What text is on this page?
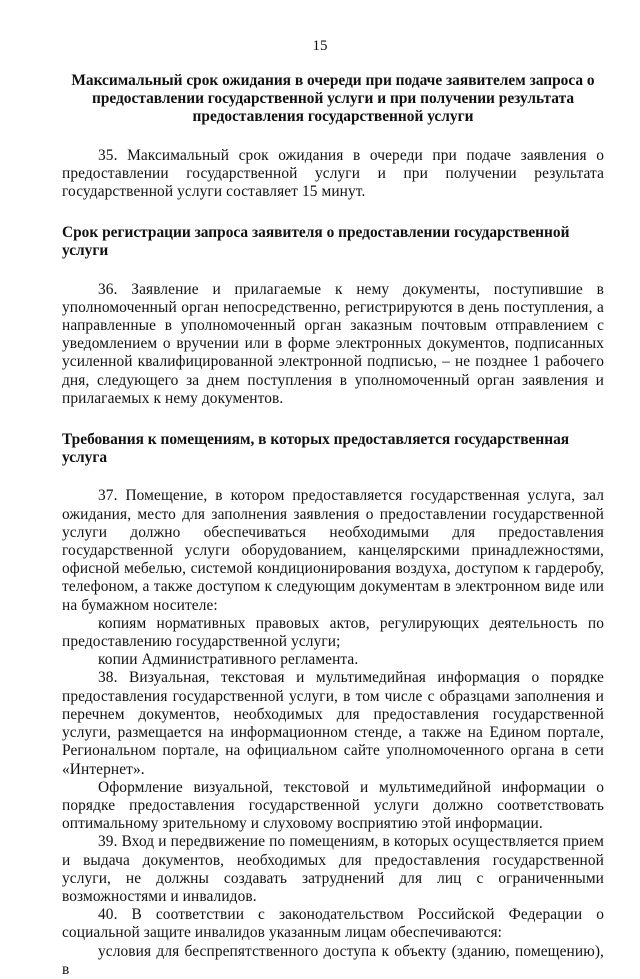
15
Максимальный срок ожидания в очереди при подаче заявителем запроса о предоставлении государственной услуги и при получении результата предоставления государственной услуги

35. Максимальный срок ожидания в очереди при подаче заявления о предоставлении государственной услуги и при получении результата государственной услуги составляет 15 минут.

Срок регистрации запроса заявителя о предоставлении государственной услуги

36. Заявление и прилагаемые к нему документы, поступившие в уполномоченный орган непосредственно, регистрируются в день поступления, а направленные в уполномоченный орган заказным почтовым отправлением с уведомлением о вручении или в форме электронных документов, подписанных усиленной квалифицированной электронной подписью, – не позднее 1 рабочего дня, следующего за днем поступления в уполномоченный орган заявления и прилагаемых к нему документов.

Требования к помещениям, в которых предоставляется государственная услуга

37. Помещение, в котором предоставляется государственная услуга, зал ожидания, место для заполнения заявления о предоставлении государственной услуги должно обеспечиваться необходимыми для предоставления государственной услуги оборудованием, канцелярскими принадлежностями, офисной мебелью, системой кондиционирования воздуха, доступом к гардеробу, телефоном, а также доступом к следующим документам в электронном виде или на бумажном носителе:

копиям нормативных правовых актов, регулирующих деятельность по предоставлению государственной услуги;

копии Административного регламента.

38. Визуальная, текстовая и мультимедийная информация о порядке предоставления государственной услуги, в том числе с образцами заполнения и перечнем документов, необходимых для предоставления государственной услуги, размещается на информационном стенде, а также на Едином портале, Региональном портале, на официальном сайте уполномоченного органа в сети «Интернет».

Оформление визуальной, текстовой и мультимедийной информации о порядке предоставления государственной услуги должно соответствовать оптимальному зрительному и слуховому восприятию этой информации.

39. Вход и передвижение по помещениям, в которых осуществляется прием и выдача документов, необходимых для предоставления государственной услуги, не должны создавать затруднений для лиц с ограниченными возможностями и инвалидов.

40. В соответствии с законодательством Российской Федерации о социальной защите инвалидов указанным лицам обеспечиваются:

условия для беспрепятственного доступа к объекту (зданию, помещению), в
